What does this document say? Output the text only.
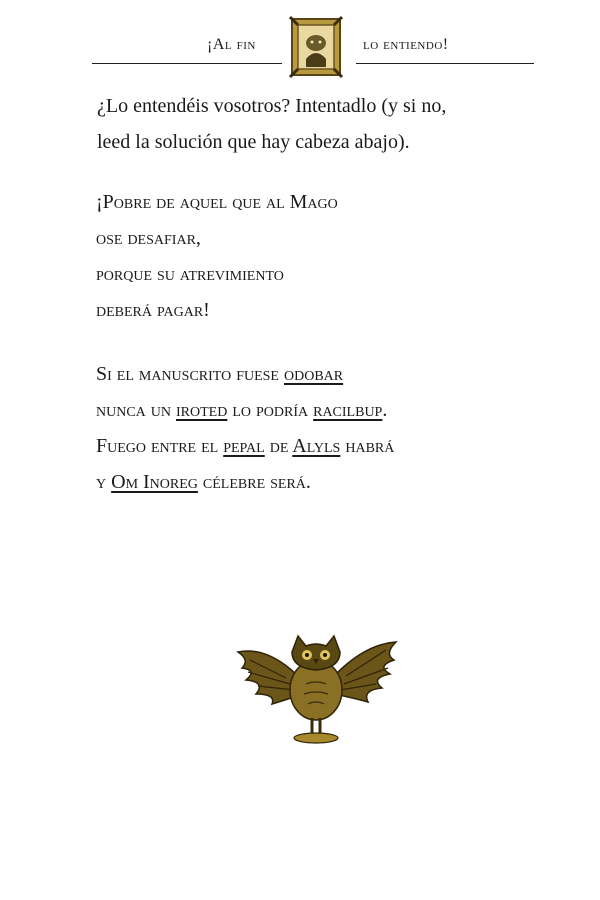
¡Al fin	lo entiendo!
¿Lo entendéis vosotros? Intentadlo (y si no,
leed la solución que hay cabeza abajo).
¡Pobre de aquel que al Mago
ose desafiar,
porque su atrevimiento
deberá pagar!
Si el manuscrito fuese odobar
nunca un iroted lo podría racilbup.
Fuego entre el pepal de Alyls habrá
y Om Inoreg célebre será.
